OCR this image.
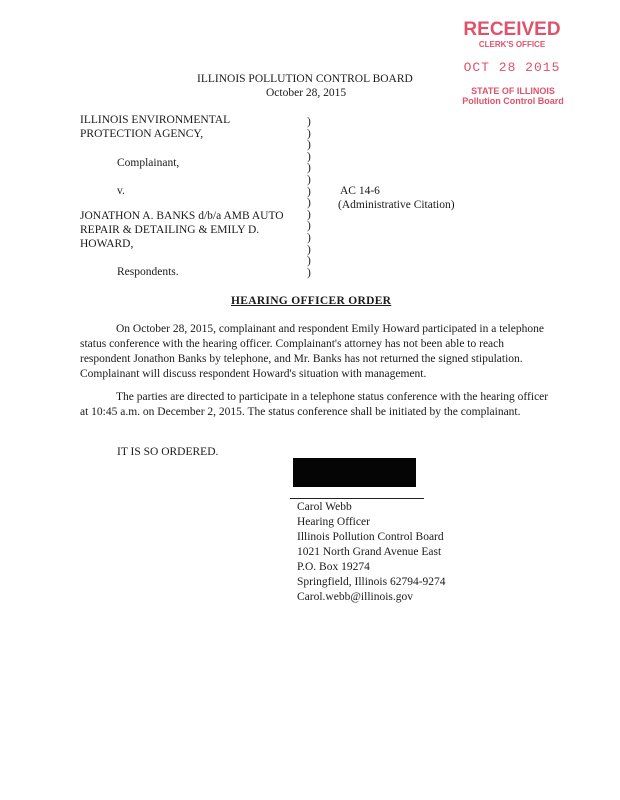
RECEIVED
CLERK'S OFFICE
OCT 28 2015
STATE OF ILLINOIS
Pollution Control Board
ILLINOIS POLLUTION CONTROL BOARD
October 28, 2015
ILLINOIS ENVIRONMENTAL
PROTECTION AGENCY,
Complainant,
v.
JONATHON A. BANKS d/b/a AMB AUTO
REPAIR & DETAILING & EMILY D.
HOWARD,
Respondents.
)
)
)
)
)
)
)
)
)
)
)
)
)
)
AC 14-6
(Administrative Citation)
HEARING OFFICER ORDER
On October 28, 2015, complainant and respondent Emily Howard participated in a telephone status conference with the hearing officer. Complainant's attorney has not been able to reach respondent Jonathon Banks by telephone, and Mr. Banks has not returned the signed stipulation. Complainant will discuss respondent Howard's situation with management.
The parties are directed to participate in a telephone status conference with the hearing officer at 10:45 a.m. on December 2, 2015. The status conference shall be initiated by the complainant.
IT IS SO ORDERED.

Carol Webb

Hearing Officer

Illinois Pollution Control Board

1021 North Grand Avenue East

P.O. Box 19274

Springfield, Illinois 62794-9274

Carol.webb@illinois.gov
